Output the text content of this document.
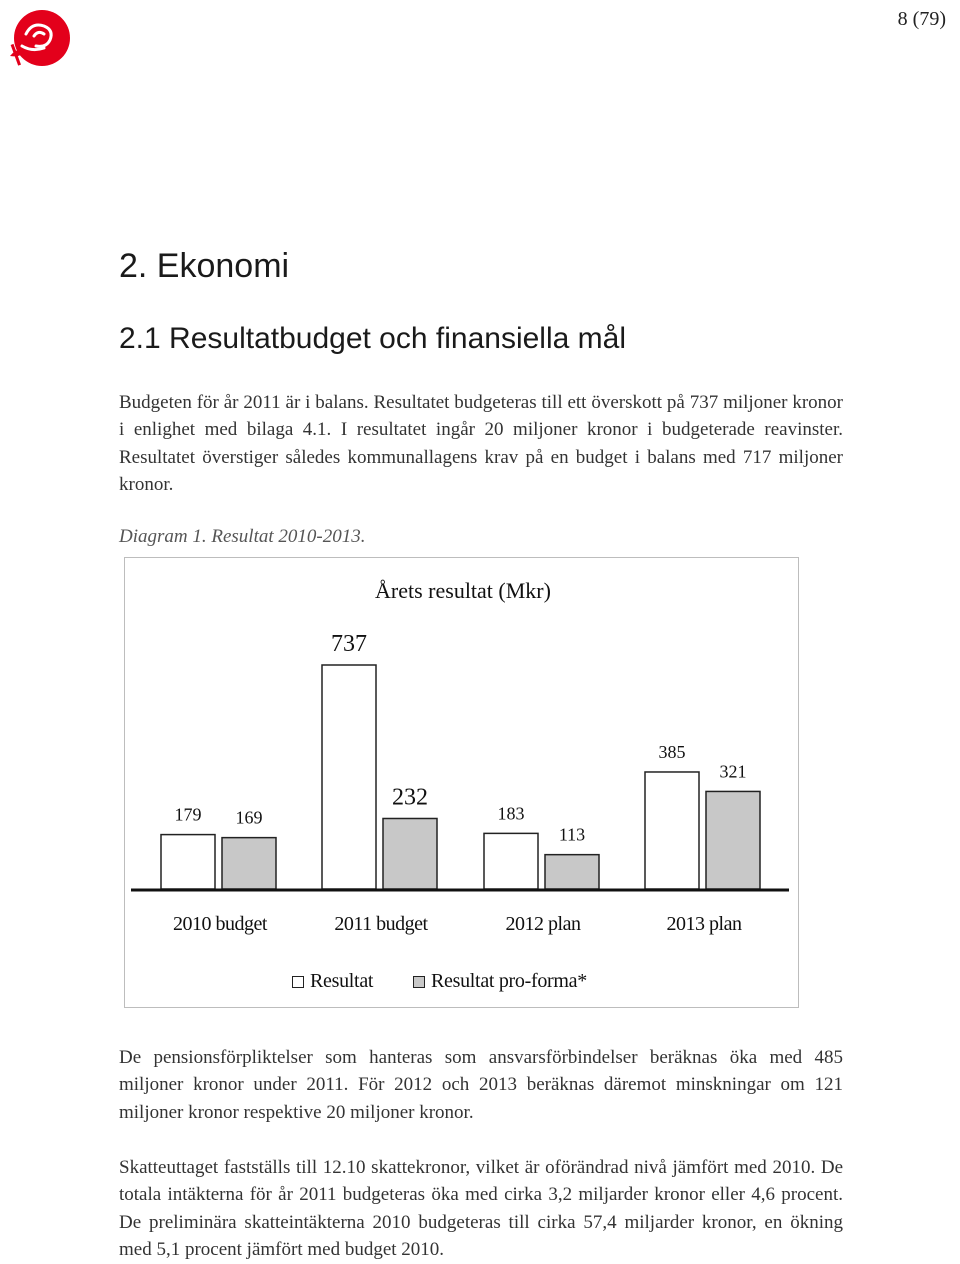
8 (79)
2. Ekonomi
2.1 Resultatbudget och finansiella mål

Budgeten för år 2011 är i balans. Resultatet budgeteras till ett överskott på 737 miljoner kronor i enlighet med bilaga 4.1. I resultatet ingår 20 miljoner kronor i budgeterade reavinster. Resultatet överstiger således kommunallagens krav på en budget i balans med 717 miljoner kronor.

Diagram 1. Resultat 2010-2013.

Årets resultat (Mkr)
179
737
183
385
169
232
113
321
2010 budget	2011 budget	2012 plan	2013 plan
Resultat	Resultat pro-forma*

De pensionsförpliktelser som hanteras som ansvarsförbindelser beräknas öka med 485 miljoner kronor under 2011. För 2012 och 2013 beräknas däremot minskningar om 121 miljoner kronor respektive 20 miljoner kronor.

Skatteuttaget fastställs till 12.10 skattekronor, vilket är oförändrad nivå jämfört med 2010. De totala intäkterna för år 2011 budgeteras öka med cirka 3,2 miljarder kronor eller 4,6 procent. De preliminära skatteintäkterna 2010 budgeteras till cirka 57,4 miljarder kronor, en ökning med 5,1 procent jämfört med budget 2010.
